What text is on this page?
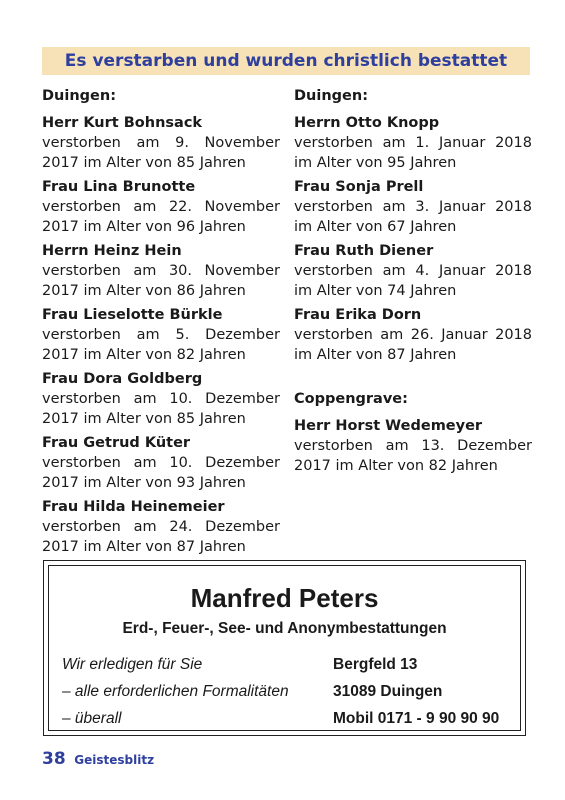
Es verstarben und wurden christlich bestattet
Duingen:
Herr Kurt Bohnsack
verstorben am 9. November 2017 im Alter von 85 Jahren
Frau Lina Brunotte
verstorben am 22. November 2017 im Alter von 96 Jahren
Herrn Heinz Hein
verstorben am 30. November 2017 im Alter von 86 Jahren
Frau Lieselotte Bürkle
verstorben am 5. Dezember 2017 im Alter von 82 Jahren
Frau Dora Goldberg
verstorben am 10. Dezember 2017 im Alter von 85 Jahren
Frau Getrud Küter
verstorben am 10. Dezember 2017 im Alter von 93 Jahren
Frau Hilda Heinemeier
verstorben am 24. Dezember 2017 im Alter von 87 Jahren
Duingen:
Herrn Otto Knopp
verstorben am 1. Januar 2018 im Alter von 95 Jahren
Frau Sonja Prell
verstorben am 3. Januar 2018 im Alter von 67 Jahren
Frau Ruth Diener
verstorben am 4. Januar 2018 im Alter von 74 Jahren
Frau Erika Dorn
verstorben am 26. Januar 2018 im Alter von 87 Jahren
Coppengrave:
Herr Horst Wedemeyer
verstorben am 13. Dezember 2017 im Alter von 82 Jahren
Manfred Peters
Erd-, Feuer-, See- und Anonymbestattungen
Wir erledigen für Sie
– alle erforderlichen Formalitäten
– überall
Bergfeld 13
31089 Duingen
Mobil 0171 - 9 90 90 90
38 Geistesblitz
